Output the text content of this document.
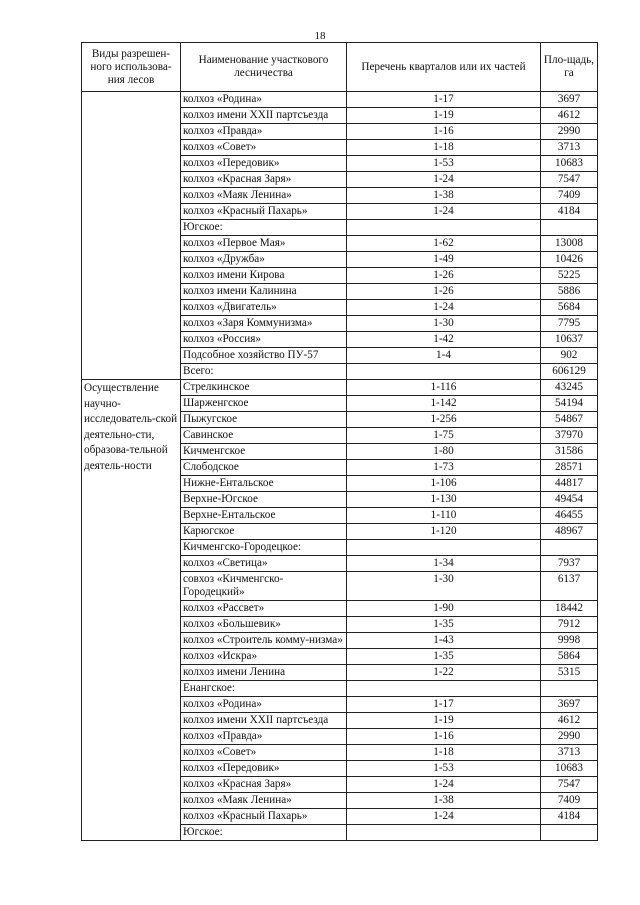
18
Виды разрешен-ного использова-ния лесов	Наименование участкового лесничества	Перечень кварталов или их частей	Пло-щадь, га
	колхоз «Родина»	1-17	3697
	колхоз имени XXII партсъезда	1-19	4612
	колхоз «Правда»	1-16	2990
	колхоз «Совет»	1-18	3713
	колхоз «Передовик»	1-53	10683
	колхоз «Красная Заря»	1-24	7547
	колхоз «Маяк Ленина»	1-38	7409
	колхоз «Красный Пахарь»	1-24	4184
	Югское:		
	колхоз «Первое Мая»	1-62	13008
	колхоз «Дружба»	1-49	10426
	колхоз имени Кирова	1-26	5225
	колхоз имени Калинина	1-26	5886
	колхоз «Двигатель»	1-24	5684
	колхоз «Заря Коммунизма»	1-30	7795
	колхоз «Россия»	1-42	10637
	Подсобное хозяйство ПУ-57	1-4	902
	Всего:		606129
Осуществление научно-исследователь-ской деятельно-сти, образова-тельной деятель-ности	Стрелкинское	1-116	43245
	Шарженгское	1-142	54194
	Пыжугское	1-256	54867
	Савинское	1-75	37970
	Кичменгское	1-80	31586
	Слободское	1-73	28571
	Нижне-Ентальское	1-106	44817
	Верхне-Югское	1-130	49454
	Верхне-Ентальское	1-110	46455
	Карюгское	1-120	48967
	Кичменгско-Городецкое:		
	колхоз «Светица»	1-34	7937
	совхоз «Кичменгско-Городецкий»	1-30	6137
	колхоз «Рассвет»	1-90	18442
	колхоз «Большевик»	1-35	7912
	колхоз «Строитель комму-низма»	1-43	9998
	колхоз «Искра»	1-35	5864
	колхоз имени Ленина	1-22	5315
	Енангское:		
	колхоз «Родина»	1-17	3697
	колхоз имени XXII партсъезда	1-19	4612
	колхоз «Правда»	1-16	2990
	колхоз «Совет»	1-18	3713
	колхоз «Передовик»	1-53	10683
	колхоз «Красная Заря»	1-24	7547
	колхоз «Маяк Ленина»	1-38	7409
	колхоз «Красный Пахарь»	1-24	4184
	Югское:		
